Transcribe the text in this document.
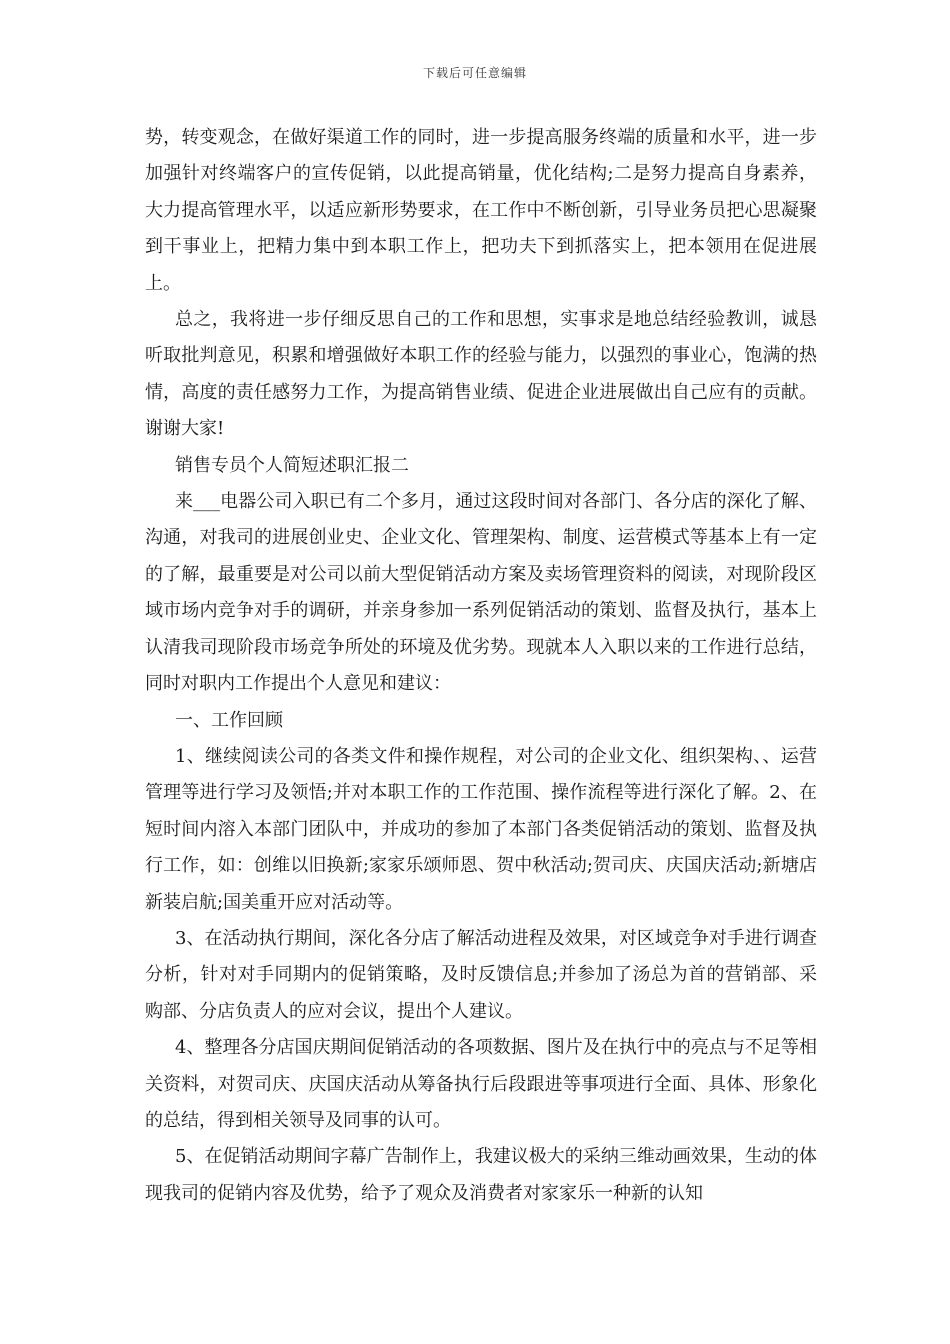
下载后可任意编辑

势，转变观念，在做好渠道工作的同时，进一步提高服务终端的质量和水平，进一步加强针对终端客户的宣传促销，以此提高销量，优化结构;二是努力提高自身素养，大力提高管理水平，以适应新形势要求，在工作中不断创新，引导业务员把心思凝聚到干事业上，把精力集中到本职工作上，把功夫下到抓落实上，把本领用在促进展上。

总之，我将进一步仔细反思自己的工作和思想，实事求是地总结经验教训，诚恳听取批判意见，积累和增强做好本职工作的经验与能力，以强烈的事业心，饱满的热情，高度的责任感努力工作，为提高销售业绩、促进企业进展做出自己应有的贡献。谢谢大家!

销售专员个人简短述职汇报二

来___电器公司入职已有二个多月，通过这段时间对各部门、各分店的深化了解、沟通，对我司的进展创业史、企业文化、管理架构、制度、运营模式等基本上有一定的了解，最重要是对公司以前大型促销活动方案及卖场管理资料的阅读，对现阶段区域市场内竞争对手的调研，并亲身参加一系列促销活动的策划、监督及执行，基本上认清我司现阶段市场竞争所处的环境及优劣势。现就本人入职以来的工作进行总结，同时对职内工作提出个人意见和建议：

一、工作回顾

1、继续阅读公司的各类文件和操作规程，对公司的企业文化、组织架构、、运营管理等进行学习及领悟;并对本职工作的工作范围、操作流程等进行深化了解。2、在短时间内溶入本部门团队中，并成功的参加了本部门各类促销活动的策划、监督及执行工作，如：创维以旧换新;家家乐颂师恩、贺中秋活动;贺司庆、庆国庆活动;新塘店新装启航;国美重开应对活动等。

3、在活动执行期间，深化各分店了解活动进程及效果，对区域竞争对手进行调查分析，针对对手同期内的促销策略，及时反馈信息;并参加了汤总为首的营销部、采购部、分店负责人的应对会议，提出个人建议。

4、整理各分店国庆期间促销活动的各项数据、图片及在执行中的亮点与不足等相关资料，对贺司庆、庆国庆活动从筹备执行后段跟进等事项进行全面、具体、形象化的总结，得到相关领导及同事的认可。

5、在促销活动期间字幕广告制作上，我建议极大的采纳三维动画效果，生动的体现我司的促销内容及优势，给予了观众及消费者对家家乐一种新的认知
